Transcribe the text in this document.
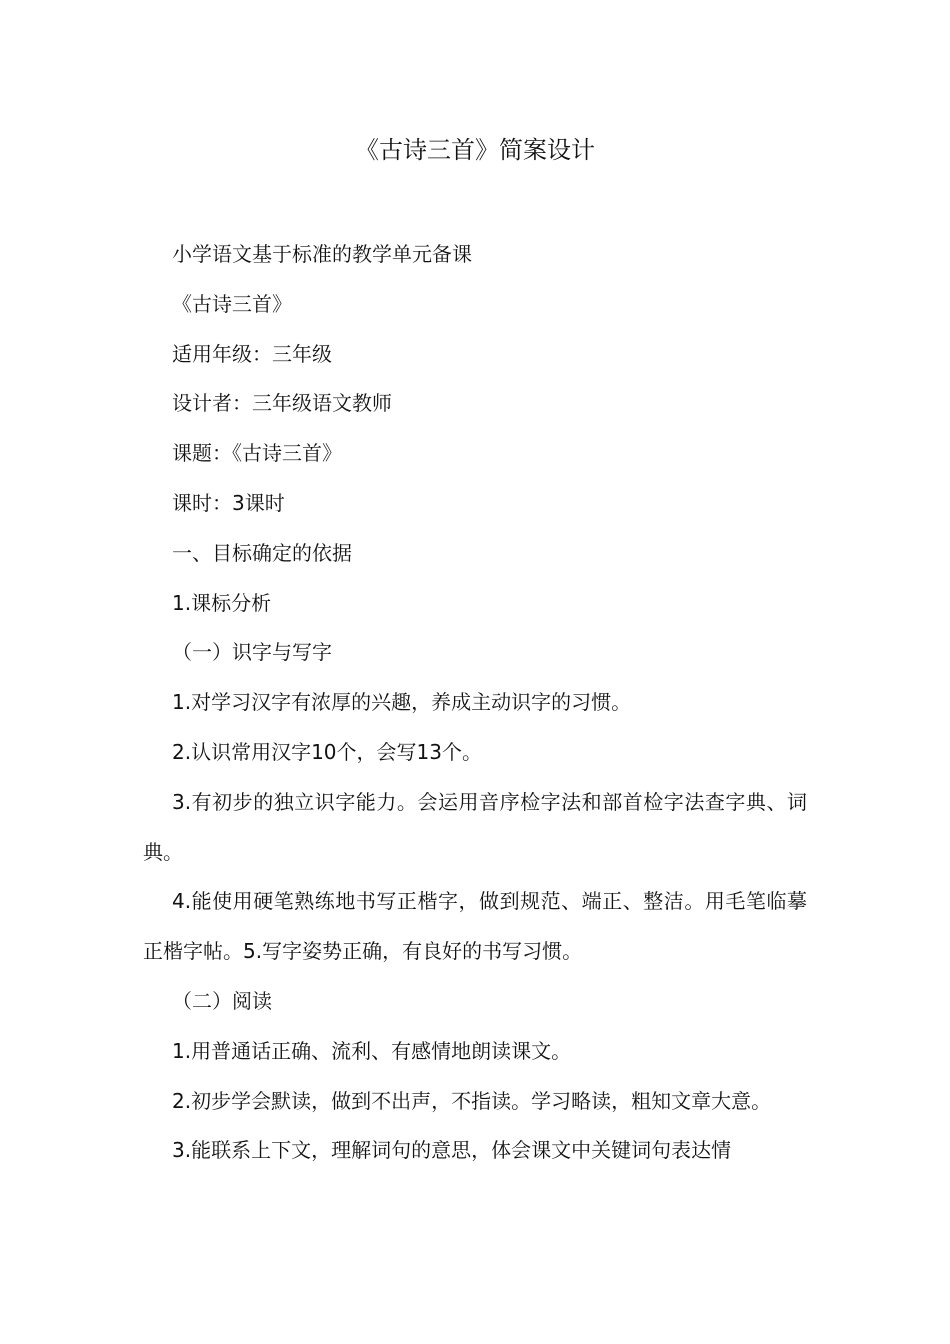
《古诗三首》简案设计

小学语文基于标准的教学单元备课

《古诗三首》

适用年级：三年级

设计者：三年级语文教师

课题：《古诗三首》

课时：3课时

一、目标确定的依据

1.课标分析

（一）识字与写字

1.对学习汉字有浓厚的兴趣，养成主动识字的习惯。

2.认识常用汉字10个，会写13个。

3.有初步的独立识字能力。会运用音序检字法和部首检字法查字典、词典。

4.能使用硬笔熟练地书写正楷字，做到规范、端正、整洁。用毛笔临摹正楷字帖。5.写字姿势正确，有良好的书写习惯。

（二）阅读

1.用普通话正确、流利、有感情地朗读课文。

2.初步学会默读，做到不出声，不指读。学习略读，粗知文章大意。

3.能联系上下文，理解词句的意思，体会课文中关键词句表达情
